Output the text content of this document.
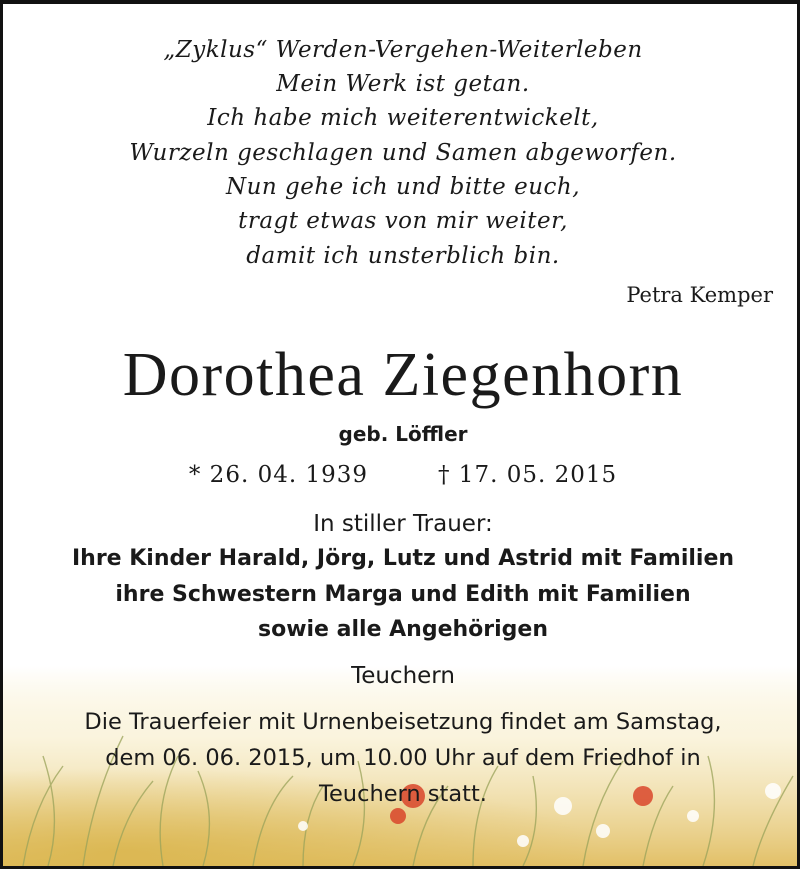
„Zyklus“ Werden-Vergehen-Weiterleben
Mein Werk ist getan.
Ich habe mich weiterentwickelt,
Wurzeln geschlagen und Samen abgeworfen.
Nun gehe ich und bitte euch,
tragt etwas von mir weiter,
damit ich unsterblich bin.
Petra Kemper
Dorothea Ziegenhorn
geb. Löffler
* 26. 04. 1939	† 17. 05. 2015
In stiller Trauer:
Ihre Kinder Harald, Jörg, Lutz und Astrid mit Familien
ihre Schwestern Marga und Edith mit Familien
sowie alle Angehörigen
Teuchern
Die Trauerfeier mit Urnenbeisetzung findet am Samstag,
dem 06. 06. 2015, um 10.00 Uhr auf dem Friedhof in
Teuchern statt.
